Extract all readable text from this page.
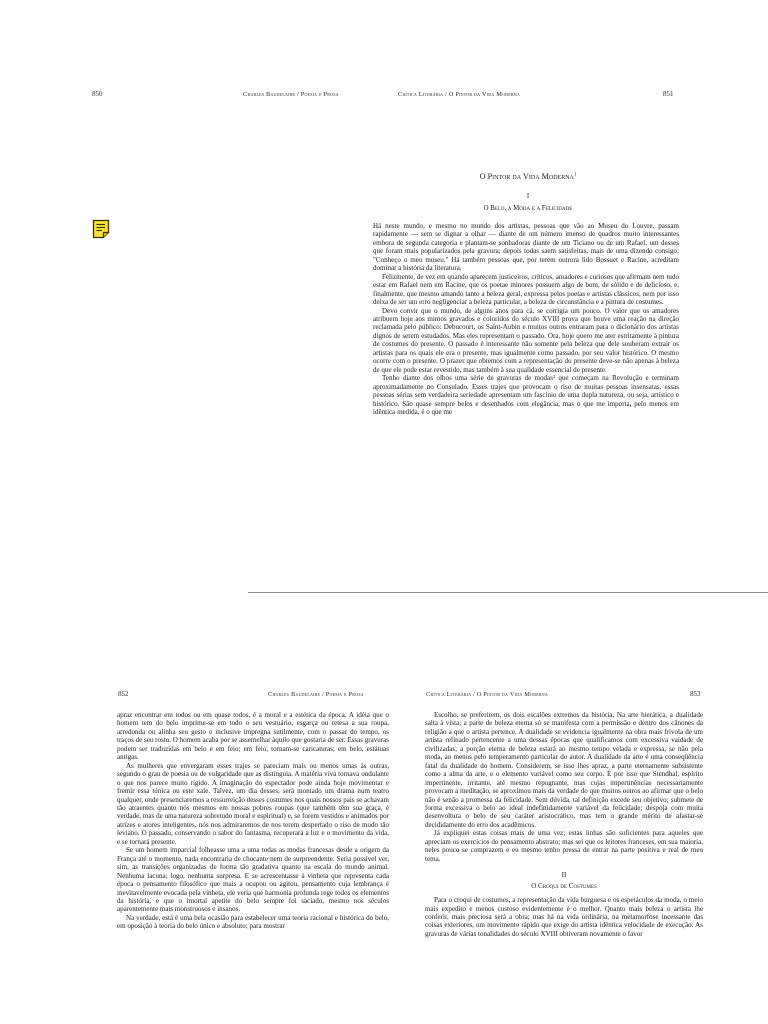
850	Charles Baudelaire / Poesia e Prosa	Crítica Literária / O Pintor da Vida Moderna	851
O Pintor da Vida Moderna$^1$
I
O Belo, a Moda e a Felicidade

Há neste mundo, e mesmo no mundo dos artistas, pessoas que vão ao Museu do Louvre, passam rapidamente — sem se dignar a olhar — diante de um número imenso de quadros muito interessantes embora de segunda categoria e plantam-se sonhadoras diante de um Ticiano ou de um Rafael, um desses que foram mais popularizados pela gravura; depois todas saem satisfeitas, mais de uma dizendo consigo: "Conheço o meu museu." Há também pessoas que, por terem outrora lido Bossuet e Racine, acreditam dominar a história da literatura.

Felizmente, de vez em quando aparecem justiceiros, críticos, amadores e curiosos que afirmam nem tudo estar em Rafael nem em Racine, que os poetae minores possuem algo de bom, de sólido e de delicioso, e, finalmente, que mesmo amando tanto a beleza geral, expressa pelos poetas e artistas clássicos, nem por isso deixa de ser um erro negligenciar a beleza particular, a beleza de circunstância e a pintura de costumes.

Devo convir que o mundo, de alguns anos para cá, se corrigia um pouco. O valor que os amadores atribuem hoje aos mimos gravados e coloridos do século XVIII prova que houve uma reação na direção reclamada pelo público: Debucourt, os Saint-Aubin e muitos outros entraram para o dicionário dos artistas dignos de serem estudados. Mas eles representam o passado. Ora, hoje quero me ater estritamente à pintura de costumes do presente. O passado é interessante não somente pela beleza que dele souberam extrair os artistas para os quais ele era o presente, mas igualmente como passado, por seu valor histórico. O mesmo ocorre com o presente. O prazer que obtemos com a representação do presente deve-se não apenas à beleza de que ele pode estar revestido, mas também à sua qualidade essencial de presente.

Tenho diante dos olhos uma série de gravuras de modas² que começam na Revolução e terminam aproximadamente no Consulado. Esses trajes que provocam o riso de muitas pessoas insensatas, essas pessoas sérias sem verdadeira seriedade apresentam um fascínio de uma dupla natureza, ou seja, artístico e histórico. São quase sempre belos e desenhados com elegância, mas o que me importa, pelo menos em idêntica medida, é o que me

852	Charles Baudelaire / Poesia e Prosa	Crítica Literária / O Pintor da Vida Moderna	853

apraz encontrar em todos ou em quase todos, é a moral e a estética da época. A idéia que o homem tem do belo imprime-se em todo o seu vestuário, esgarça ou retesa a sua roupa, arredonda ou alinha seu gesto e inclusive impregna sutilmente, com o passar do tempo, os traços de seu rosto. O homem acaba por se assemelhar àquilo que gostaria de ser. Essas gravuras podem ser traduzidas em belo e em feio; em feio, tornam-se caricaturas; em belo, estátuas antigas.

As mulheres que envergaram esses trajes se pareciam mais ou menos umas às outras, segundo o grau de poesia ou de vulgaridade que as distinguia. A matéria viva tornava ondulante o que nos parece muito rígido. A imaginação do espectador pode ainda hoje movimentar e fremir essa túnica ou este xale. Talvez, um dia desses, será montado um drama num teatro qualquer, onde presenciaremos a ressurreição desses costumes nos quais nossos pais se achavam tão atraentes quanto nós mesmos em nossas pobres roupas (que também têm sua graça, é verdade, mas de uma natureza sobretudo moral e espiritual) e, se forem vestidos e animados por atrizes e atores inteligentes, nós nos admiraremos de nos terem despertado o riso de modo tão leviano. O passado, conservando o sabor do fantasma, recuperará a luz e o movimento da vida, e se tornará presente.

Se um homem imparcial folheasse uma a uma todas as modas francesas desde a origem da França até o momento, nada encontraria de chocante nem de surpreendente. Seria possível ver, sim, as transições organizadas de forma tão gradativa quanto na escala do mundo animal. Nenhuma lacuna; logo, nenhuma surpresa. E se acrescentasse à vinheta que representa cada época o pensamento filosófico que mais a ocupou ou agitou, pensamento cuja lembrança é inevitavelmente evocada pela vinheta, ele veria que harmonia profunda rege todos os elementos da história, e que o imortal apetite do belo sempre foi saciado, mesmo nos séculos aparentemente mais monstruosos e insanos.

Na verdade, está é uma bela ocasião para estabelecer uma teoria racional e histórica do belo, em oposição à teoria do belo único e absoluto; para mostrar

Escolho, se preferirem, os dois escalões extremos da história. Na arte hierática, a dualidade salta à vista; a parte de beleza eterna só se manifesta com a permissão e dentro dos cânones da religião a que o artista pertence. A dualidade se evidencia igualmente na obra mais frívola de um artista refinado pertencente a uma dessas épocas que qualificamos com excessiva vaidade de civilizadas; a porção eterna de beleza estará ao mesmo tempo velada e expressa, se não pela moda, ao menos pelo temperamento particular do autor. A dualidade da arte é uma conseqüência fatal da dualidade do homem. Considerem, se isso lhes apraz, a parte eternamente subsistente como a alma da arte, e o elemento variável como seu corpo. É por isso que Stendhal, espírito impertinente, irritante, até mesmo repugnante, mas cujas impertinências necessariamente provocam a meditação, se aproximou mais da verdade do que muitos outros ao afirmar que o belo não é senão a promessa da felicidade. Sem dúvida, tal definição excede seu objetivo; submete de forma excessiva o belo ao ideal indefinidamente variável da felicidade; despoja com muita desenvoltura o belo de seu caráter aristocrático, mas tem o grande mérito de afastar-se decididamente do erro dos acadêmicos.

Já expliquei estas coisas mais de uma vez; estas linhas são suficientes para aqueles que apreciam os exercícios do pensamento abstrato; mas sei que os leitores franceses, em sua maioria, neles pouco se comprazem e eu mesmo tenho pressa de entrar na parte positiva e real de meu tema.

II
O Croqui de Costumes

Para o croqui de costumes, a representação da vida burguesa e os espetáculos da moda, o meio mais expedito e menos custoso evidentemente é o melhor. Quanto mais beleza o artista lhe conferir, mais preciosa será a obra; mas há na vida ordinária, na metamorfose incessante das coisas exteriores, um movimento rápido que exige do artista idêntica velocidade de execução. As gravuras de várias tonalidades do século XVIII obtiveram novamente o favor
